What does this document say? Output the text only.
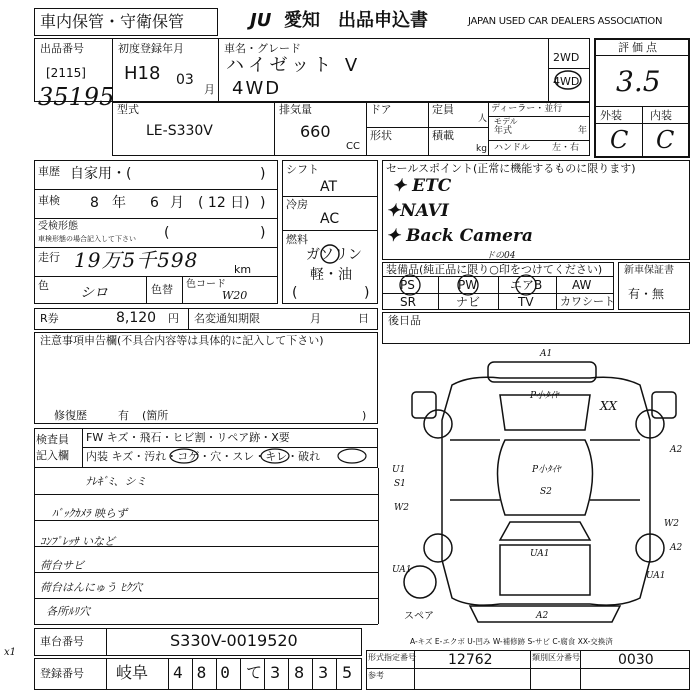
車内保管・守衛保管	JU 愛知 出品申込書	JAPAN USED CAR DEALERS ASSOCIATION
出品番号
[2115]
35195
初度登録年月
H18 03
月
車名・グレード
ハイゼット V
4WD
2WD
4WD
評価点
3.5
外装	内装
C C
型式
LE-S330V
排気量
660
CC
ドア
形状
定員
人
積載
kg
ディーラー・並行
モデル
年式	年
ハンドル 左・右
車歴 自家用・(	)
車検 8 年 6 月 ( 12 日) )
受検形態
車検形態の場合記入して下さい (	)
走行 19万5千598	km
色 シロ	色替 色コード
W20
シフト
AT
冷房
AC
燃料
ガソリン
軽・油
(	)
セールスポイント(正常に機能するものに限ります)
✦ ETC
✦NAVI
✦ Back Camera
装備品(純正品に限り○印をつけてください)
ドの04
PS	PW	エアB AW
SR	ナビ	TV カワシート
新車保証書
有・無
R券	8,120 円 名変通知期限	月	日 後日品
注意事項申告欄(不具合内容等は具体的に記入して下さい)
修復歴	有 (箇所	)
検査員
記入欄
FW キズ・飛石・ヒビ割・リペア跡・X要
内装 キズ・汚れ・コゲ・穴・スレ・キレ・破れ
ﾅﾚｷﾞﾐ、シミ
ﾊﾞｯｸｶﾒﾗ 映らず
ｺﾝﾌﾟﾚｯｻ いなど
荷台サビ
荷台はんにゅう ﾋｸ穴
各所ﾙﾘ穴
A1
P小ﾀｲﾔ
XX
A2
U1
S1
W2
P小ﾀｲﾔ
S2
W2
UA1
UA1
A2
UA1
A2
スペア
A-キズ E-エクボ U-凹み W-補修跡 S-サビ C-腐食 XX-交換済
車台番号	S330V-0019520
登録番号 岐阜 480 て 3 8 3 5
形式指定番号 12762	類別区分番号	0030
参考
x1
